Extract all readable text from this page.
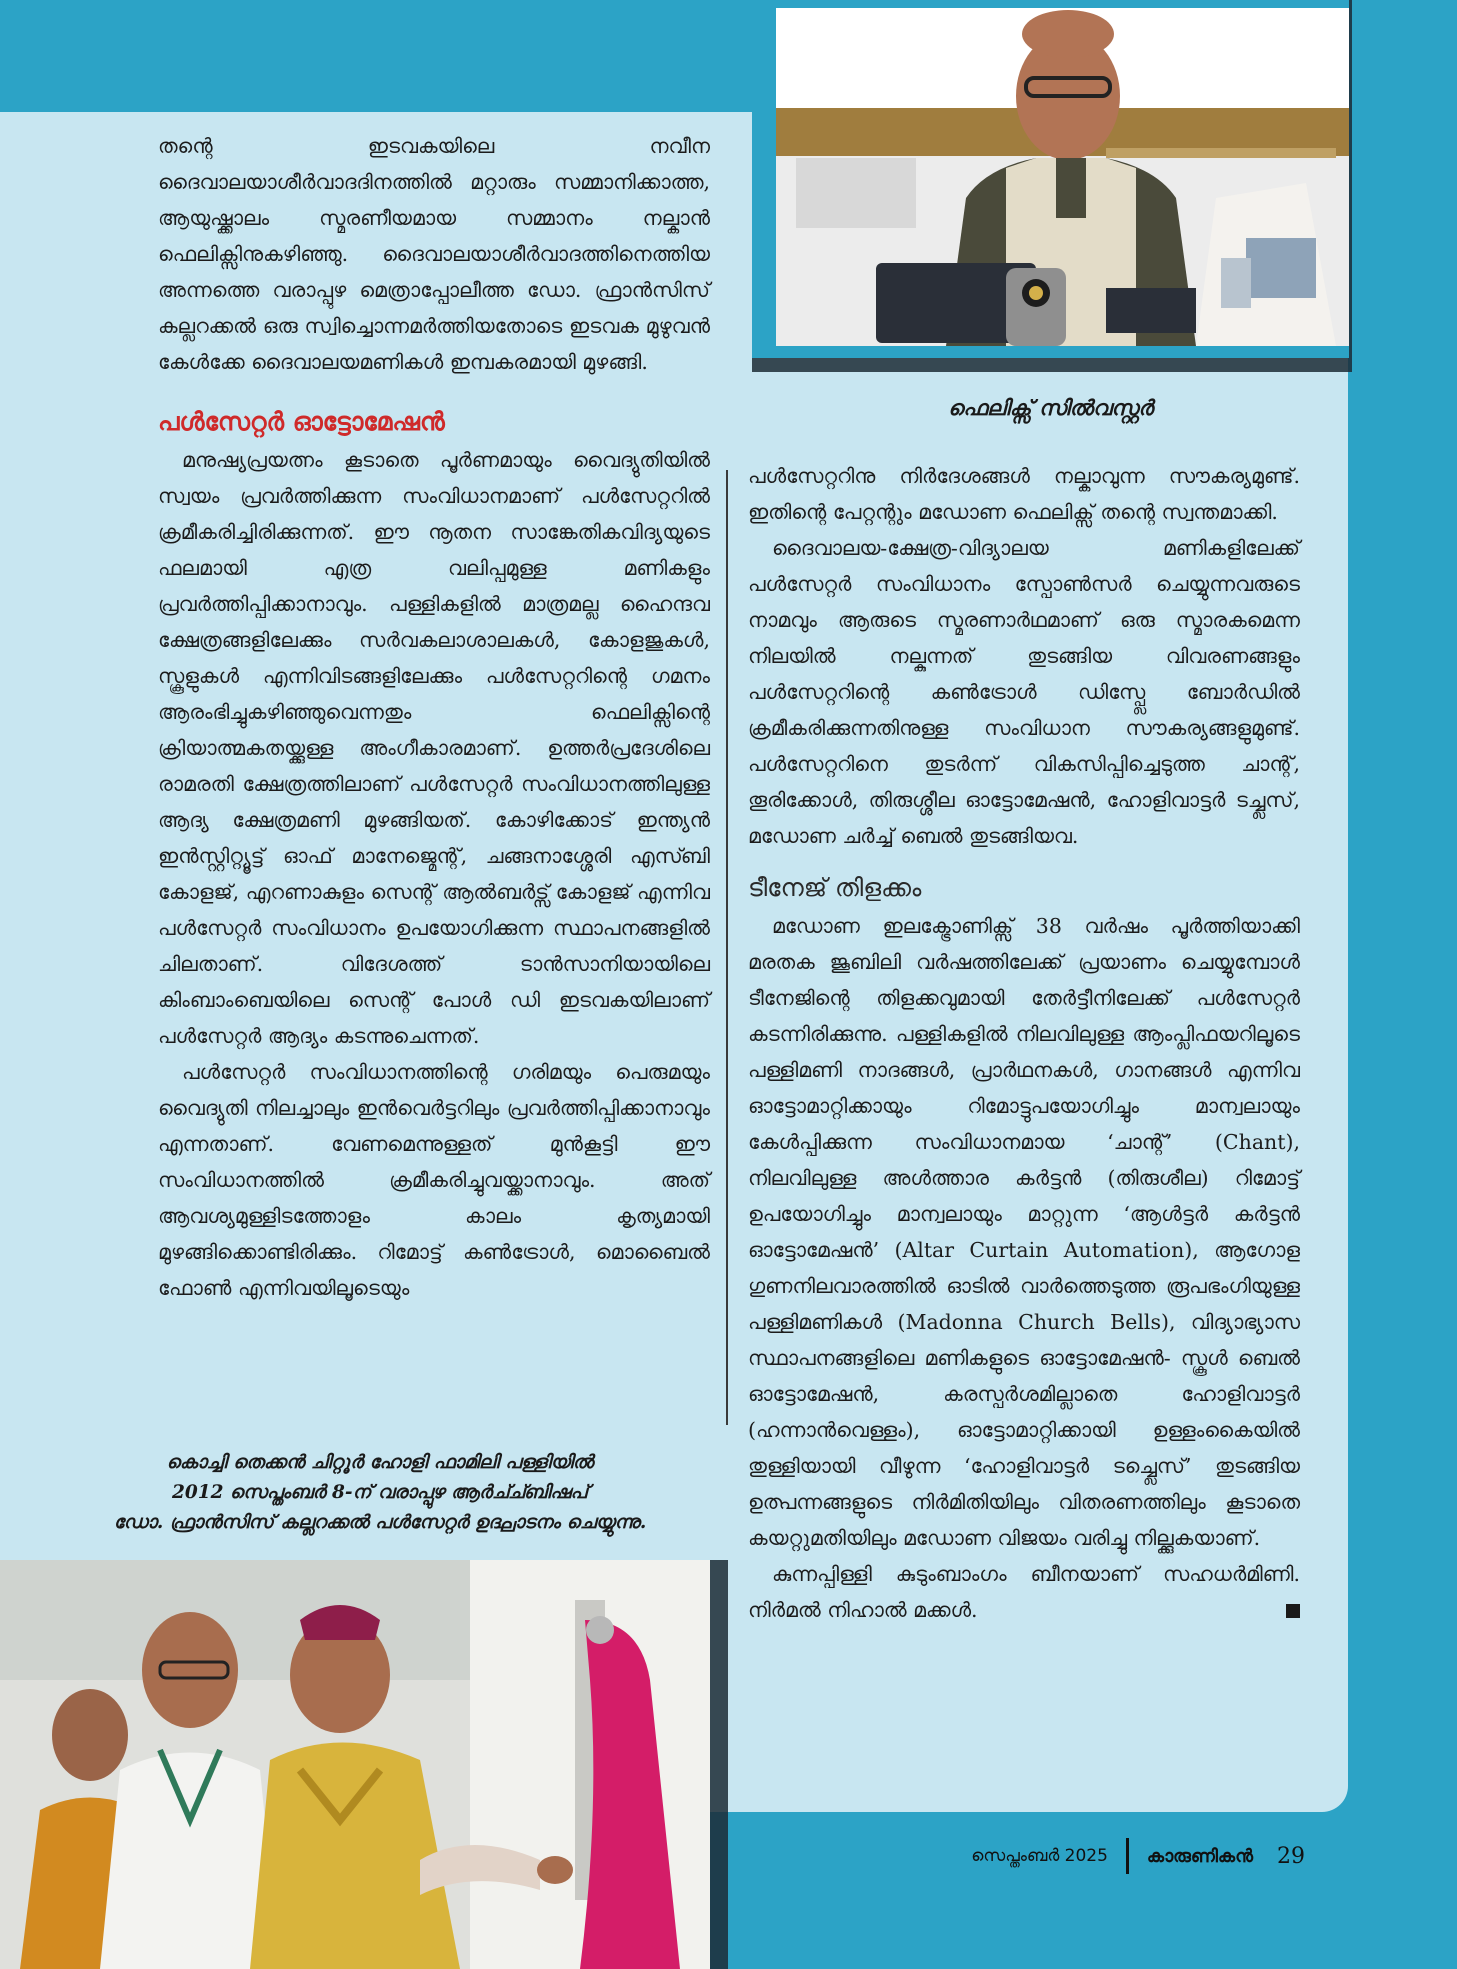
ഫെലിക്സ് സിൽവസ്റ്റർ

തന്റെ ഇടവകയിലെ നവീന ദൈവാലയാശീർവാദദിനത്തിൽ മറ്റാരും സമ്മാനിക്കാത്ത, ആയുഷ്ക്കാലം സ്മരണീയമായ സമ്മാനം നല്കാൻ ഫെലിക്സിനുകഴിഞ്ഞു. ദൈവാലയാശീർവാദത്തിനെത്തിയ അന്നത്തെ വരാപ്പുഴ മെത്രാപ്പോലീത്ത ഡോ. ഫ്രാൻസിസ് കല്ലറക്കൽ ഒരു സ്വിച്ചൊന്നമർത്തിയതോടെ ഇടവക മുഴുവൻ കേൾക്കേ ദൈവാലയമണികൾ ഇമ്പകരമായി മുഴങ്ങി.

പൾസേറ്റർ ഓട്ടോമേഷൻ

മനുഷ്യപ്രയത്നം കൂടാതെ പൂർണമായും വൈദ്യുതിയിൽ സ്വയം പ്രവർത്തിക്കുന്ന സംവിധാനമാണ് പൾസേറ്ററിൽ ക്രമീകരിച്ചിരിക്കുന്നത്. ഈ നൂതന സാങ്കേതികവിദ്യയുടെ ഫലമായി എത്ര വലിപ്പമുള്ള മണികളും പ്രവർത്തിപ്പിക്കാനാവും. പള്ളികളിൽ മാത്രമല്ല ഹൈന്ദവ ക്ഷേത്രങ്ങളിലേക്കും സർവകലാശാലകൾ, കോളജുകൾ, സ്കൂളുകൾ എന്നിവിടങ്ങളിലേക്കും പൾസേറ്ററിന്റെ ഗമനം ആരംഭിച്ചുകഴിഞ്ഞുവെന്നതും ഫെലിക്സിന്റെ ക്രിയാത്മകതയ്ക്കുള്ള അംഗീകാരമാണ്. ഉത്തർപ്രദേശിലെ രാമരതി ക്ഷേത്രത്തിലാണ് പൾസേറ്റർ സംവിധാനത്തിലുള്ള ആദ്യ ക്ഷേത്രമണി മുഴങ്ങിയത്. കോഴിക്കോട് ഇന്ത്യൻ ഇൻസ്റ്റിറ്റ്യൂട്ട് ഓഫ് മാനേജ്മെന്റ്, ചങ്ങനാശ്ശേരി എസ്ബി കോളജ്, എറണാകുളം സെന്റ് ആൽബർട്സ് കോളജ് എന്നിവ പൾസേറ്റർ സംവിധാനം ഉപയോഗിക്കുന്ന സ്ഥാപനങ്ങളിൽ ചിലതാണ്. വിദേശത്ത് ടാൻസാനിയായിലെ കിംബാംബെയിലെ സെന്റ് പോൾ ഡി ഇടവകയിലാണ് പൾസേറ്റർ ആദ്യം കടന്നുചെന്നത്.

പൾസേറ്റർ സംവിധാനത്തിന്റെ ഗരിമയും പെരുമയും വൈദ്യുതി നിലച്ചാലും ഇൻവെർട്ടറിലും പ്രവർത്തിപ്പിക്കാനാവും എന്നതാണ്. വേണമെന്നുള്ളത് മുൻകൂട്ടി ഈ സംവിധാനത്തിൽ ക്രമീകരിച്ചുവയ്ക്കാനാവും. അത് ആവശ്യമുള്ളിടത്തോളം കാലം കൃത്യമായി മുഴങ്ങിക്കൊണ്ടിരിക്കും. റിമോട്ട് കൺട്രോൾ, മൊബൈൽ ഫോൺ എന്നിവയിലൂടെയും

പൾസേറ്ററിനു നിർദേശങ്ങൾ നല്കാവുന്ന സൗകര്യമുണ്ട്. ഇതിന്റെ പേറ്റന്റും മഡോണ ഫെലിക്സ് തന്റെ സ്വന്തമാക്കി.

ദൈവാലയ-ക്ഷേത്ര-വിദ്യാലയ മണികളിലേക്ക് പൾസേറ്റർ സംവിധാനം സ്പോൺസർ ചെയ്യുന്നവരുടെ നാമവും ആരുടെ സ്മരണാർഥമാണ് ഒരു സ്മാരകമെന്ന നിലയിൽ നല്കുന്നത് തുടങ്ങിയ വിവരണങ്ങളും പൾസേറ്ററിന്റെ കൺട്രോൾ ഡിസ്പ്ലേ ബോർഡിൽ ക്രമീകരിക്കുന്നതിനുള്ള സംവിധാന സൗകര്യങ്ങളുമുണ്ട്. പൾസേറ്ററിനെ തുടർന്ന് വികസിപ്പിച്ചെടുത്ത ചാന്റ്, തൂരിക്കോൾ, തിരുശ്ശീല ഓട്ടോമേഷൻ, ഹോളിവാട്ടർ ടച്ച്ലസ്, മഡോണ ചർച്ച് ബെൽ തുടങ്ങിയവ.

ടീനേജ് തിളക്കം

മഡോണ ഇലക്ട്രോണിക്സ് 38 വർഷം പൂർത്തിയാക്കി മരതക ജൂബിലി വർഷത്തിലേക്ക് പ്രയാണം ചെയ്യുമ്പോൾ ടീനേജിന്റെ തിളക്കവുമായി തേർട്ടീനിലേക്ക് പൾസേറ്റർ കടന്നിരിക്കുന്നു. പള്ളികളിൽ നിലവിലുള്ള ആംപ്ലിഫയറിലൂടെ പള്ളിമണി നാദങ്ങൾ, പ്രാർഥനകൾ, ഗാനങ്ങൾ എന്നിവ ഓട്ടോമാറ്റിക്കായും റിമോട്ടുപയോഗിച്ചും മാന്വലായും കേൾപ്പിക്കുന്ന സംവിധാനമായ ‘ചാന്റ്’ (Chant), നിലവിലുള്ള അൾത്താര കർട്ടൻ (തിരുശീല) റിമോട്ട് ഉപയോഗിച്ചും മാന്വലായും മാറ്റുന്ന ‘ആൾട്ടർ കർട്ടൻ ഓട്ടോമേഷൻ’ (Altar Curtain Automation), ആഗോള ഗുണനിലവാരത്തിൽ ഓടിൽ വാർത്തെടുത്ത രൂപഭംഗിയുള്ള പള്ളിമണികൾ (Madonna Church Bells), വിദ്യാഭ്യാസ സ്ഥാപനങ്ങളിലെ മണികളുടെ ഓട്ടോമേഷൻ- സ്കൂൾ ബെൽ ഓട്ടോമേഷൻ, കരസ്പർശമില്ലാതെ ഹോളിവാട്ടർ (ഹന്നാൻവെള്ളം), ഓട്ടോമാറ്റിക്കായി ഉള്ളംകൈയിൽ തുള്ളിയായി വീഴുന്ന ‘ഹോളിവാട്ടർ ടച്ച്ലെസ്’ തുടങ്ങിയ ഉത്പന്നങ്ങളുടെ നിർമിതിയിലും വിതരണത്തിലും കൂടാതെ കയറ്റുമതിയിലും മഡോണ വിജയം വരിച്ചു നില്ക്കുകയാണ്.

കുന്നപ്പിള്ളി കുടുംബാംഗം ബീനയാണ് സഹധർമിണി. നിർമൽ നിഹാൽ മക്കൾ.

കൊച്ചി തെക്കൻ ചിറ്റൂർ ഹോളി ഫാമിലി പള്ളിയിൽ
2012 സെപ്തംബർ 8-ന് വരാപ്പുഴ ആർച്ച്ബിഷപ്
ഡോ. ഫ്രാൻസിസ് കല്ലറക്കൽ പൾസേറ്റർ ഉദ്ഘാടനം ചെയ്യുന്നു.
സെപ്തംബർ 2025 കാരുണികൻ 29
